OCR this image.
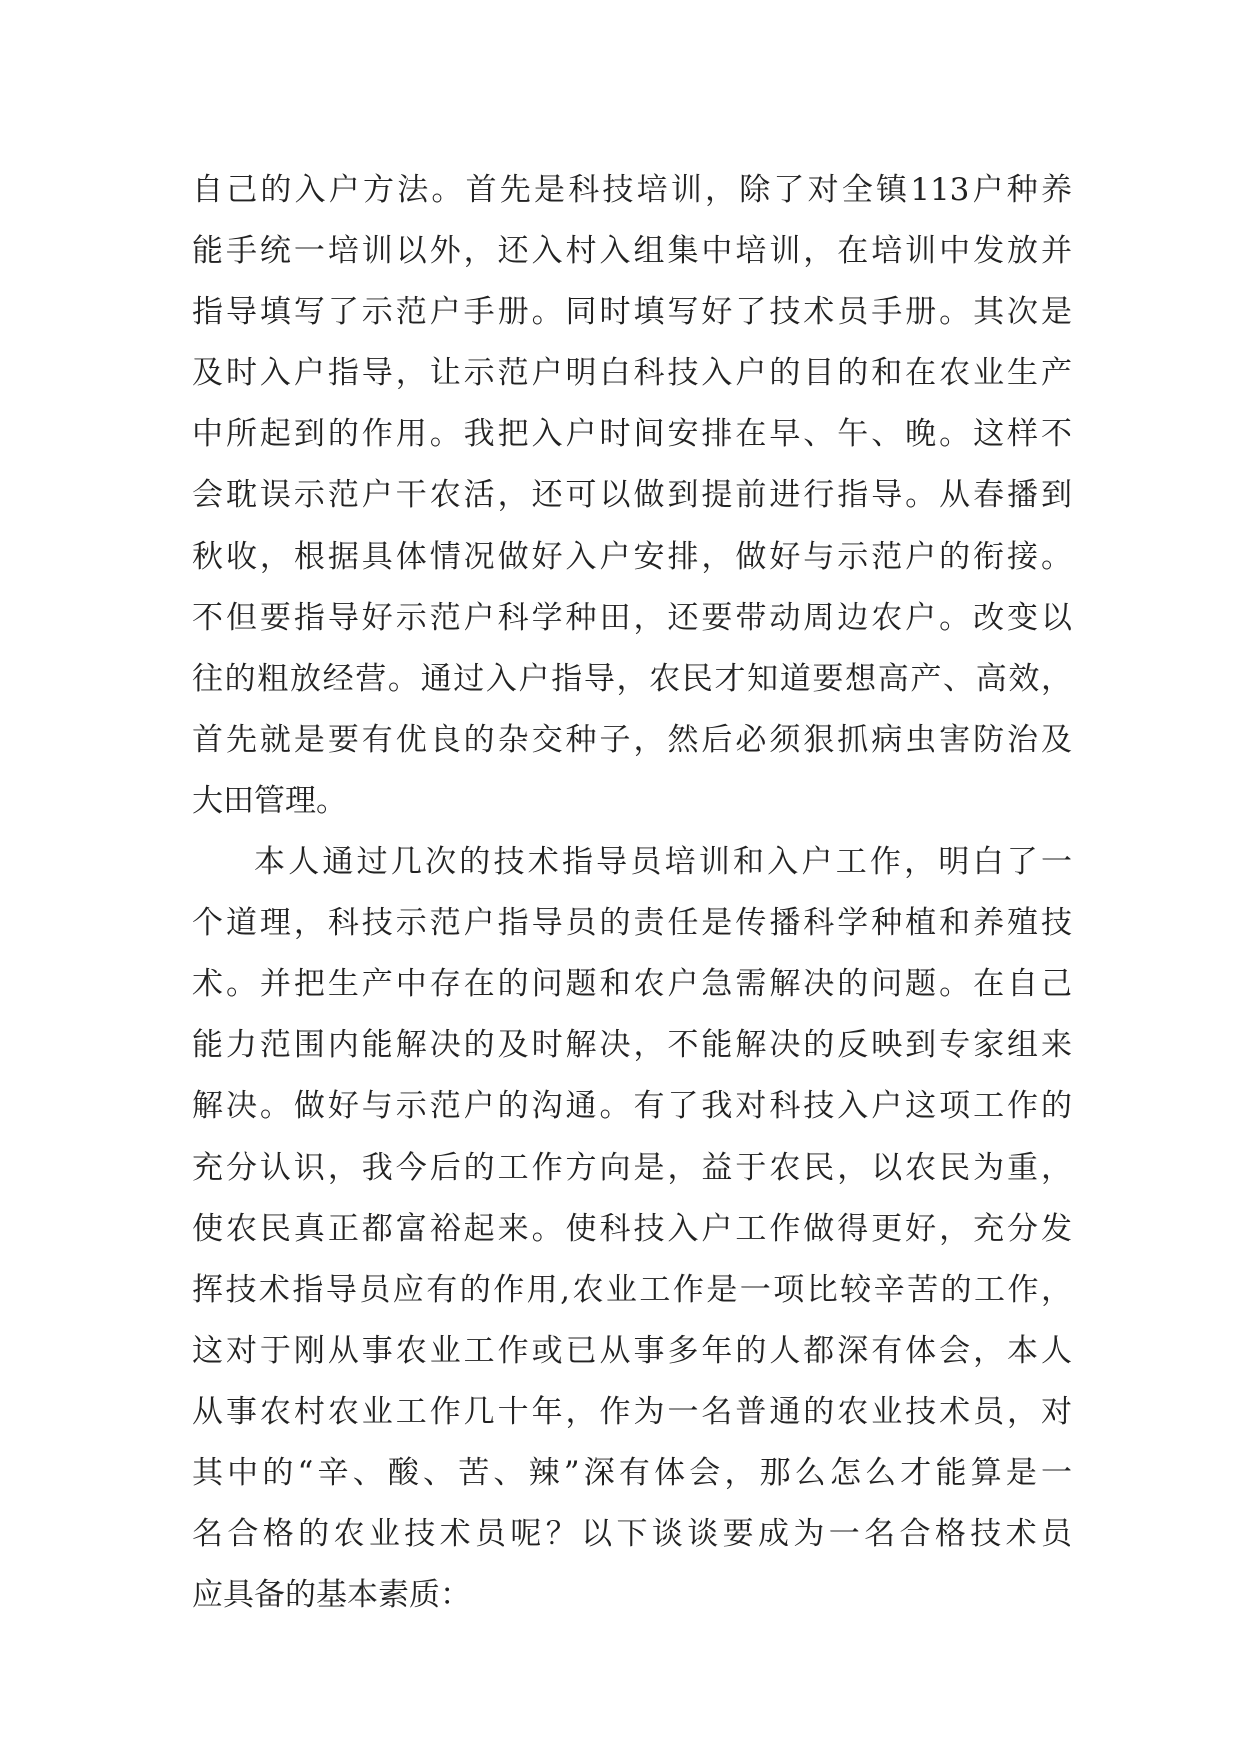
自己的入户方法。首先是科技培训，除了对全镇113户种养
能手统一培训以外，还入村入组集中培训，在培训中发放并
指导填写了示范户手册。同时填写好了技术员手册。其次是
及时入户指导，让示范户明白科技入户的目的和在农业生产
中所起到的作用。我把入户时间安排在早、午、晚。这样不
会耽误示范户干农活，还可以做到提前进行指导。从春播到
秋收，根据具体情况做好入户安排，做好与示范户的衔接。
不但要指导好示范户科学种田，还要带动周边农户。改变以
往的粗放经营。通过入户指导，农民才知道要想高产、高效，
首先就是要有优良的杂交种子，然后必须狠抓病虫害防治及
大田管理。
本人通过几次的技术指导员培训和入户工作，明白了一
个道理，科技示范户指导员的责任是传播科学种植和养殖技
术。并把生产中存在的问题和农户急需解决的问题。在自己
能力范围内能解决的及时解决，不能解决的反映到专家组来
解决。做好与示范户的沟通。有了我对科技入户这项工作的
充分认识，我今后的工作方向是，益于农民，以农民为重，
使农民真正都富裕起来。使科技入户工作做得更好，充分发
挥技术指导员应有的作用,农业工作是一项比较辛苦的工作，
这对于刚从事农业工作或已从事多年的人都深有体会，本人
从事农村农业工作几十年，作为一名普通的农业技术员，对
其中的“辛、酸、苦、辣”深有体会，那么怎么才能算是一
名合格的农业技术员呢？以下谈谈要成为一名合格技术员
应具备的基本素质：
